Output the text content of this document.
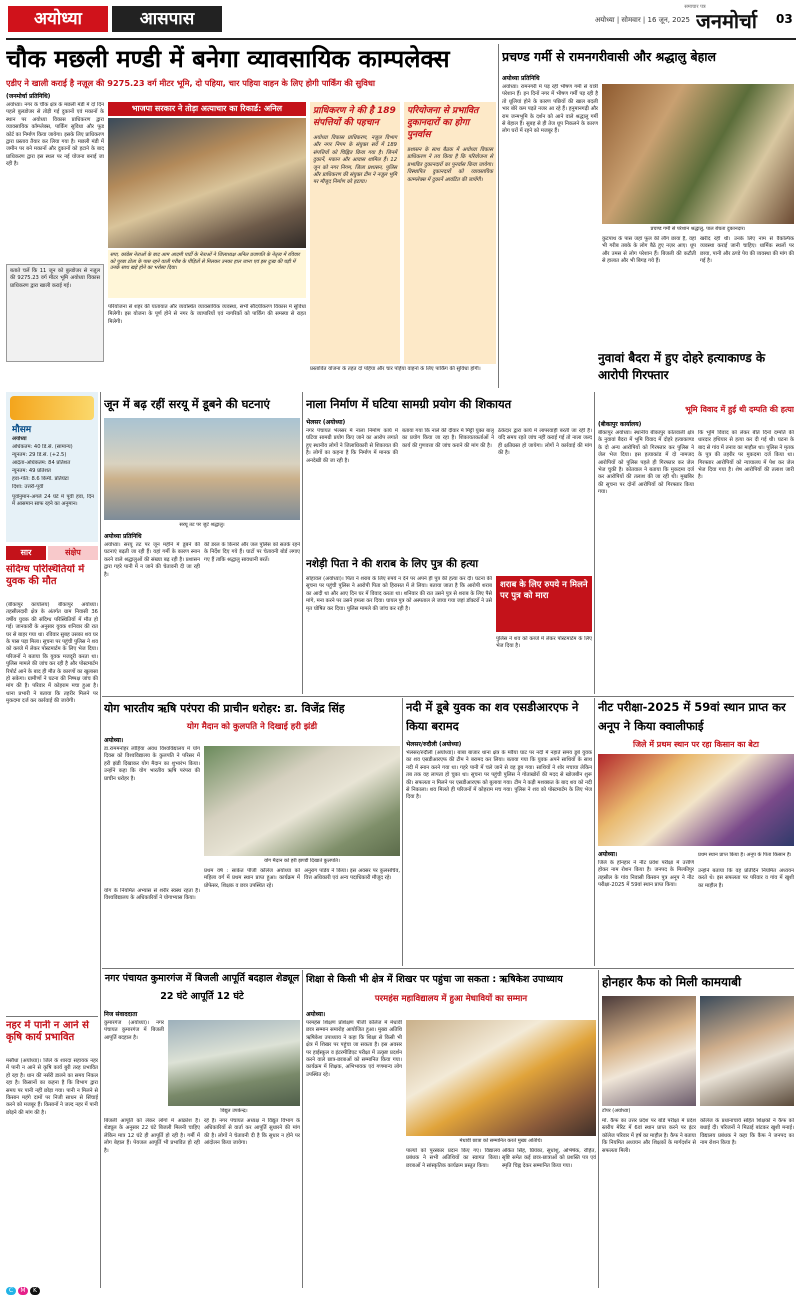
अयोध्या	आसपास	अयोध्या | सोमवार | 16 जून, 2025
समाचार पत्र
जनमोर्चा	03
चौक मछली मण्डी में बनेगा व्यावसायिक काम्पलेक्स
एडीए ने खाली कराई है नज़ूल की 9275.23 वर्ग मीटर भूमि, दो पहिया, चार पहिया वाहन के लिए होगी पार्किंग की सुविधा
(जनमोर्चा प्रतिनिधि)
अयोध्या। नगर के चौक क्षेत्र के मछली मंडी में दो दिन पहले बुलडोजर से तोड़ी गई दुकानों एवं मकानों के स्थान पर अयोध्या विकास प्राधिकरण द्वारा व्यावसायिक कॉम्प्लेक्स, पार्किंग सुविधा और फूड कोर्ट का निर्माण किया जायेगा। इसके लिए प्राधिकरण द्वारा प्रस्ताव तैयार कर लिया गया है। मछली मंडी में जमीन पर बने मकानों और दुकानों को हटाने के बाद प्राधिकरण द्वारा इस स्थल पर नई योजना बनाई जा रही है।
बताते चलें कि 11 जून को बुल्डोजर से नज़ूल की 9275.23 वर्ग मीटर भूमि अयोध्या विकास प्राधिकरण द्वारा खाली कराई गई।
भाजपा सरकार ने तोड़ा अत्याचार का रिकार्ड: अनिल
सपा, कांग्रेस नेताओं के बाद आम आदमी पार्टी के नेताओं ने जिलाध्यक्ष अनिल प्रजापति के नेतृत्व में रविवार को पूरबा टोला के पास रहने वाली गरीब के पीड़ितों से मिलकर उनका हाल जाना एवं इस दुःख की घड़ी में उनके साथ खड़े होने का भरोसा दिया।
परियोजना से शहर की यातायात और व्यवस्थित व्यावसायिक व्यवस्था, सभी सौंदर्यीकरण विकास में सुविधा मिलेगी। इस योजना के पूर्ण होने से नगर के व्यापारियों एवं नागरिकों को पार्किंग की समस्या से राहत मिलेगी।
प्राधिकरण ने की है 189 संपत्तियों की पहचान
अयोध्या विकास प्राधिकरण, नज़ूल विभाग और नगर निगम के संयुक्त सर्वे में 189 संपत्तियों को चिह्नित किया गया है। जिनमें दुकानें, मकान और आवास शामिल हैं। 12 जून को नगर निगम, जिला प्रशासन, पुलिस और प्राधिकरण की संयुक्त टीम ने नज़ूल भूमि पर मौजूद निर्माण को हटाया।
परियोजना से प्रभावित दुकानदारों का होगा पुनर्वास
प्रशासन के साथ बैठक में अयोध्या विकास प्राधिकरण ने तय किया है कि परियोजना से प्रभावित दुकानदारों का पुनर्वास किया जायेगा। विस्थापित दुकानदारों को व्यावसायिक काम्प्लेक्स में दुकानें आवंटित की जायेंगी।
प्रस्तावित योजना के तहत दो पहिया और चार पहिया वाहनों के लिए पार्किंग की सुविधा होगी।
प्रचण्ड गर्मी से रामनगरीवासी और श्रद्धालु बेहाल
अयोध्या प्रतिनिधि
अयोध्या। रामनगरी में पड़ रही भीषण गर्मी से यात्री परेशान हैं। इन दिनों नगर में भीषण गर्मी पड़ रही है तो धूलियां होने के कारण पछियों की खाल बदली भार बोरे कम पड़ते नजर आ रहे हैं। हनुमानगढ़ी और राम जन्मभूमि के दर्शन को आने वाले श्रद्धालु गर्मी से बेहाल हैं। सुबह से ही तेज धूप निकलने के कारण लोग घरों में रहने को मजबूर हैं।
प्रचण्ड गर्मी से परेशान श्रद्धालु, पाल बेचता दुकानदार।
कुटपाथ के पास जहां फूल की लौंग छाया है, वहां भी गरीब तबके के लोग बैठे हुए नज़र आए। धूप और उमस से लोग परेशान हैं। बिजली की कटौती से हालात और भी बिगड़ गये हैं।
खरीद रही थी। उनके लिए नाम से वैकल्पिक व्यवस्था कराई जानी चाहिए। धार्मिक स्थलों पर छाया, पानी और ठण्डे पेय की व्यवस्था की मांग की गई है।
मौसम
अयोध्या
अधिकतम: 40 डि.से. (सामान्य)
न्यूनतम: 29 डि.से. (+2.5)
आर्द्रता-अधिकतम: 84 प्रतिशत
न्यूनतम: 49 प्रतिशत
हवा-गति: 8.6 किमी. प्रतिघंटा
दिशा: उत्तरी-पूर्वी
पूर्वानुमान-अगले 24 घंटे में पूर्वी हवा, दिन में आसमान साफ रहने का अनुमान।
सार	संक्षेप
संदिग्ध परिस्थितियों में युवक की मौत
(बीकापुर कार्यालय) बीकापुर अयोध्या। तहसीलदारी क्षेत्र के अंतर्गत ग्राम निवासी 36 वर्षीय युवक की संदिग्ध परिस्थितियों में मौत हो गई। जानकारी के अनुसार युवक शनिवार की रात घर से बाहर गया था। रविवार सुबह उसका शव घर के पास पड़ा मिला। सूचना पर पहुंची पुलिस ने शव को कब्जे में लेकर पोस्टमार्टम के लिए भेज दिया। परिजनों ने बताया कि युवक मजदूरी करता था। पुलिस मामले की जांच कर रही है और पोस्टमार्टम रिपोर्ट आने के बाद ही मौत के कारणों का खुलासा हो सकेगा। ग्रामीणों ने घटना की निष्पक्ष जांच की मांग की है। परिवार में कोहराम मचा हुआ है। थाना प्रभारी ने बताया कि तहरीर मिलने पर मुकदमा दर्ज कर कार्रवाई की जायेगी।
नहर में पानी न आने से कृषि कार्य प्रभावित
मसौधा (अयोध्या)। जिले के शारदा सहायक नहर में पानी न आने से कृषि कार्य बुरी तरह प्रभावित हो रहा है। धान की नर्सरी डालने का समय निकल रहा है। किसानों का कहना है कि विभाग द्वारा समय पर पानी नहीं छोड़ा गया। पानी न मिलने से किसान महंगे दामों पर निजी साधन से सिंचाई करने को मजबूर हैं। किसानों ने जल्द नहर में पानी छोड़ने की मांग की है।
जून में बढ़ रहीं सरयू में डूबने की घटनाएं
सरयू तट पर जुटे श्रद्धालु।
अयोध्या प्रतिनिधि
अयोध्या। सरयू तट पर जून महीने में डूबने की घटनाएं बढ़ती जा रही हैं। यहां गर्मी के कारण स्नान करने वाले श्रद्धालुओं की संख्या बढ़ रही है। प्रशासन द्वारा गहरे पानी में न जाने की चेतावनी दी जा रही है।
की डरल के किनारे और जल पुलिस को सतर्क रहने के निर्देश दिए गये हैं। घाटों पर चेतावनी बोर्ड लगाए गए हैं ताकि श्रद्धालु सावधानी बरतें।
नाला निर्माण में घटिया सामग्री प्रयोग की शिकायत
भेलसर (अयोध्या)
नगर पंचायत भेलसर में नाला निर्माण कार्य में घटिया सामग्री प्रयोग किए जाने का आरोप लगाते हुए स्थानीय लोगों ने जिलाधिकारी से शिकायत की है। लोगों का कहना है कि निर्माण में मानक की अनदेखी की जा रही है।
बताया गया कि नाले की दीवार में मिट्टी युक्त बालू का प्रयोग किया जा रहा है। शिकायतकर्ताओं ने कार्य की गुणवत्ता की जांच कराने की मांग की है।
ठेकेदार द्वारा कार्य में लापरवाही बरती जा रही है। यदि समय रहते जांच नहीं कराई गई तो नाला जल्द ही क्षतिग्रस्त हो जायेगा। लोगों ने कार्रवाई की मांग की है।
नशेड़ी पिता ने की शराब के लिए पुत्र की हत्या
सोहावल (अयोध्या)। पिता ने शराब के लिए रुपये न देने पर अपने ही पुत्र की हत्या कर दी। घटना की सूचना पर पहुंची पुलिस ने आरोपी पिता को हिरासत में ले लिया। बताया जाता है कि आरोपी शराब का आदी था और आए दिन घर में विवाद करता था। शनिवार की रात उसने पुत्र से शराब के लिए पैसे मांगे, मना करने पर उसने हमला कर दिया। घायल पुत्र को अस्पताल ले जाया गया जहां डॉक्टरों ने उसे मृत घोषित कर दिया। पुलिस मामले की जांच कर रही है।
शराब के लिए रुपये न मिलने पर पुत्र को मारा
पुलिस ने शव को कब्जे में लेकर पोस्टमार्टम के लिए भेज दिया है।
नुवावां बैदरा में हुए दोहरे हत्याकाण्ड के आरोपी गिरफ्तार
भूमि विवाद में हुई थी दम्पति की हत्या
(बीकापुर कार्यालय)
बीकापुर अयोध्या। स्थानीय बीकापुर कोतवाली क्षेत्र के नुवावां बैदरा में भूमि विवाद में दोहरे हत्याकाण्ड के दो अन्य आरोपियों को गिरफ्तार कर पुलिस ने जेल भेज दिया। इस हत्याकांड में दो नामजद आरोपियों को पुलिस पहले ही गिरफ्तार कर जेल भेज चुकी है। कोतवाल ने बताया कि मुकदमा दर्ज कर आरोपियों की तलाश की जा रही थी। मुखबिर की सूचना पर दोनों आरोपियों को गिरफ्तार किया गया।
कि भूमि विवाद को लेकर बीते दिनों दम्पति की धारदार हथियार से हत्या कर दी गई थी। घटना के बाद से गांव में तनाव का माहौल था। पुलिस ने मृतक के पुत्र की तहरीर पर मुकदमा दर्ज किया था। गिरफ्तार आरोपियों को न्यायालय में पेश कर जेल भेज दिया गया है। शेष आरोपियों की तलाश जारी है।
योग भारतीय ऋषि परंपरा की प्राचीन धरोहर: डा. विजेंद्र सिंह
योग मैदान को कुलपति ने दिखाई हरी झंडी
अयोध्या।
डा.राममनोहर लोहिया अवध विश्वविद्यालय में योग दिवस को विश्वविद्यालय के कुलपति ने परिसर में हरी झंडी दिखाकर योग मैदान का शुभारंभ किया। उन्होंने कहा कि योग भारतीय ऋषि परंपरा की प्राचीन धरोहर है।
योग मैदान को हरी झण्डी दिखाते कुलपति।
योग के नियमित अभ्यास से शरीर स्वस्थ रहता है। विश्वविद्यालय के अधिकारियों ने योगाभ्यास किया।
प्रथम वर्ष : साकेत पीजी कॉलेज अयोध्या को महिला वर्ग में प्रथम स्थान प्राप्त हुआ। कार्यक्रम में प्रोफेसर, शिक्षक व छात्र उपस्थित रहे।
अनुराग पांडेय ने किया। इस अवसर पर कुलसचिव, वित्त अधिकारी एवं अन्य पदाधिकारी मौजूद रहे।
नदी में डूबे युवक का शव एसडीआरएफ ने किया बरामद
भेलसर/रुदौली (अयोध्या)
भेलसर/रुदौली (अयोध्या)। बाबा बाजार थाना क्षेत्र के मवैया घाट पर नदी में नहाते समय डूबे युवक का शव एसडीआरएफ की टीम ने बरामद कर लिया। बताया गया कि युवक अपने साथियों के साथ नदी में स्नान करने गया था। गहरे पानी में चले जाने से वह डूब गया। साथियों ने शोर मचाया लेकिन तब तक वह लापता हो चुका था। सूचना पर पहुंची पुलिस ने गोताखोरों की मदद से खोजबीन शुरू की। सफलता न मिलने पर एसडीआरएफ को बुलाया गया। टीम ने कड़ी मशक्कत के बाद शव को नदी से निकाला। शव मिलते ही परिजनों में कोहराम मच गया। पुलिस ने शव को पोस्टमार्टम के लिए भेज दिया है।
नीट परीक्षा-2025 में 59वां स्थान प्राप्त कर अनूप ने किया क्वालीफाई
जिले में प्रथम स्थान पर रहा किसान का बेटा
अयोध्या।
जिले के होनहार ने नीट प्रवेश परीक्षा में उत्तीर्ण होकर नाम रोशन किया है। जनपद के मिल्कीपुर तहसील के गांव निवासी किसान पुत्र अनूप ने नीट परीक्षा-2025 में 59वां स्थान प्राप्त किया।
प्रथम स्थान प्राप्त किया है। अनूप के पिता किसान हैं।
उन्होंने बताया कि वह प्रतिदिन नियमित अध्ययन करते थे। इस सफलता पर परिवार व गांव में खुशी का माहौल है।
नगर पंचायत कुमारगंज में बिजली आपूर्ति बदहाल शेड्यूल 22 घंटे आपूर्ति 12 घंटे
निज संवाददाता
कुमारगंज (अयोध्या)। नगर पंचायत कुमारगंज में बिजली आपूर्ति बदहाल है।
विद्युत उपकेन्द्र।
बिजली आपूर्ति को लेकर लोगों में आक्रोश है। शेड्यूल के अनुसार 22 घंटे बिजली मिलनी चाहिए लेकिन मात्र 12 घंटे ही आपूर्ति हो रही है। गर्मी में लोग बेहाल हैं। पेयजल आपूर्ति भी प्रभावित हो रही है।
रहे हैं। नगर पंचायत अध्यक्ष ने विद्युत विभाग के अधिकारियों से वार्ता कर आपूर्ति सुधारने की मांग की है। लोगों ने चेतावनी दी है कि सुधार न होने पर आंदोलन किया जायेगा।
शिक्षा से किसी भी क्षेत्र में शिखर पर पहुंचा जा सकता : ऋषिकेश उपाध्याय
परमहंस महाविद्यालय में हुआ मेधावियों का सम्मान
अयोध्या।
परमहंस शिक्षण प्रशिक्षण पीजी कॉलेज में मेधावी छात्र सम्मान समारोह आयोजित हुआ। मुख्य अतिथि ऋषिकेश उपाध्याय ने कहा कि शिक्षा से किसी भी क्षेत्र में शिखर पर पहुंचा जा सकता है। इस अवसर पर हाईस्कूल व इंटरमीडिएट परीक्षा में उत्कृष्ट प्रदर्शन करने वाले छात्र-छात्राओं को सम्मानित किया गया। कार्यक्रम में शिक्षक, अभिभावक एवं गणमान्य लोग उपस्थित रहे।
मेधावी छात्रा को सम्मानित करते मुख्य अतिथि।
पाल्यों को पुरस्कार प्रदान किए गए। विद्यालय प्रबंधक ने सभी अतिथियों का स्वागत किया। छात्राओं ने सांस्कृतिक कार्यक्रम प्रस्तुत किया।
अंकित सिंह, प्रियंका, सुधांशु, अभिषेक, रोहित, सृष्टि समेत कई छात्र-छात्राओं को प्रशस्ति पत्र एवं स्मृति चिह्न देकर सम्मानित किया गया।
होनहार कैफ को मिली कामयाबी
टॉपर (अयोध्या)
मो. कैफ का उत्तर प्रदेश पर बोर्ड परीक्षा में प्रदेश स्तरीय मेरिट में 6वां स्थान प्राप्त करने पर इंटर कॉलेज परिवार में हर्ष का माहौल है। कैफ ने बताया कि नियमित अध्ययन और शिक्षकों के मार्गदर्शन से सफलता मिली।
कॉलेज के प्रधानाचार्य सहित शिक्षकों ने कैफ को बधाई दी। परिजनों ने मिठाई बांटकर खुशी मनाई। विद्यालय प्रबंधक ने कहा कि कैफ ने जनपद का नाम रोशन किया है।
C	M	K
